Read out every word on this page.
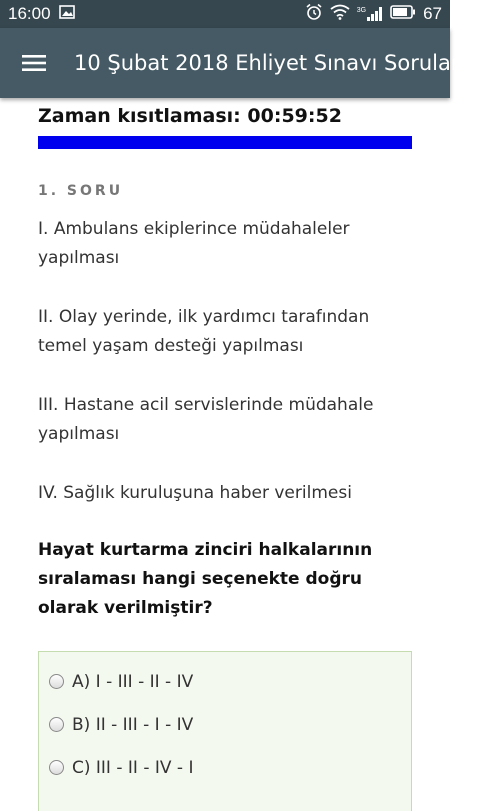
16:00	3G	67
10 Şubat 2018 Ehliyet Sınavı Soruları
Zaman kısıtlaması: 00:59:52
1. SORU
I. Ambulans ekiplerince müdahaleler yapılması
II. Olay yerinde, ilk yardımcı tarafından temel yaşam desteği yapılması
III. Hastane acil servislerinde müdahale yapılması
IV. Sağlık kuruluşuna haber verilmesi
Hayat kurtarma zinciri halkalarının sıralaması hangi seçenekte doğru olarak verilmiştir?
A) I - III - II - IV
B) II - III - I - IV
C) III - II - IV - I
